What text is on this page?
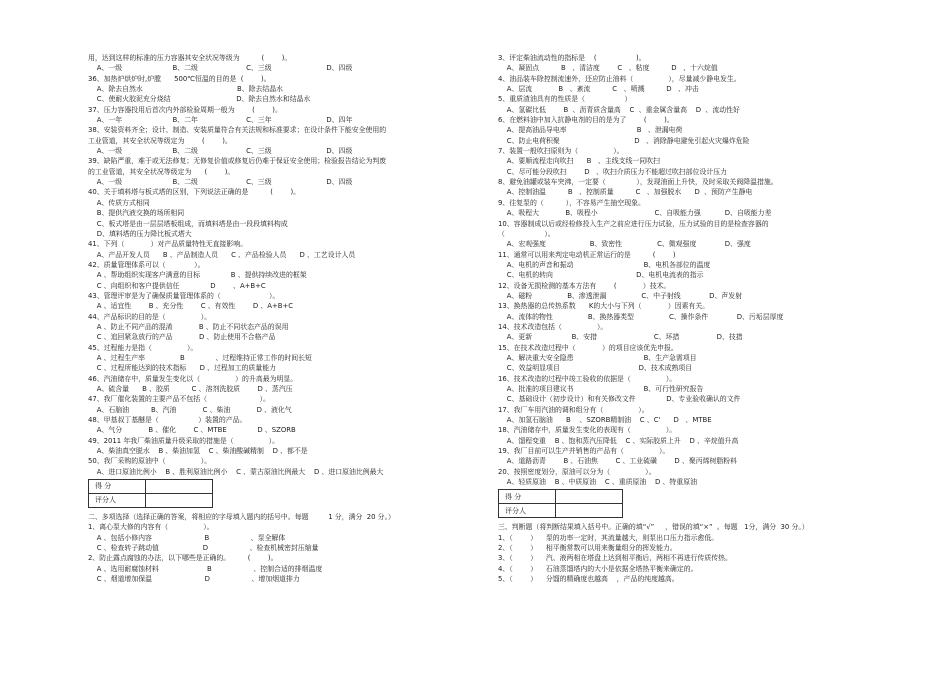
用，达到这样的标准的压力容器其安全状况等级为          (        )。
A、一级                       B、二级                      C、三级                         D、四级
36、加热炉烘炉时,炉膛      500℃恒温的目的是  (        )。
A、除去自然水                                           B、除去结晶水
C、使耐火胶泥充分烧结                              D、除去自然水和结晶水
37、压力容器投用后首次内外部检验周期一般为        (        )。
A、一年                       B、二年                      C、三年                         D、四年
38、安装资料齐全；设计、制造、安装质量符合有关法规和标准要求；在设计条件下能安全使用的
工业管道，其安全状况等级定为        (        )。
A、一级                       B、二级                      C、三级                         D、四级
39、缺陷严重，难于或无法修复；无修复价值或修复后仍难于保证安全使用；检验报告结论为判废
的工业管道，其安全状况等级定为      (        )。
A、一级                       B、二级                      C、三级                         D、四级
40、关于填料塔与板式塔的区别，下列说法正确的是          (        )。
A、传质方式相同
B、提供汽液交换的场所相同
C、板式塔是由一层层塔板组成，而填料塔是由一段段填料构成
D、填料塔的压力降比板式塔大
41、下列（            ）对产品质量特性无直接影响。
A、产品开发人员      B 、产品制造人员      C 、产品检验人员      D 、工艺设计人员
42、质量管理体系可以（             ）。
A 、帮助组织实现客户满意的目标              B 、提供持续改进的框架
C 、向组织和客户提供信任              D        、A+B+C
43、管理评审是为了确保质量管理体系的（                      ）。
A 、适宜性        B 、充分性        C 、有效性        D 、A+B+C
44、产品标识的目的是（                ）。
A 、防止不同产品的混淆            B 、防止不同状态产品的误用
C 、追回紧急放行的产品            D 、防止使用不合格产品
45、过程能力是指（                ）。
A 、过程生产率                B              、过程维持正常工作的时间长短
C 、过程所能达到的技术指标      D 、过程加工的质量能力
46、汽油储存中，质量发生变化以（                ）的升高最为明显。
A、硫含量      B 、胶质          C 、溶剂洗胶质        D 、蒸汽压
47、我厂催化装置的主要产品不包括（                        ）。
A、石脑油          B、汽油            C 、柴油            D 、液化气
48、甲基叔丁基醚是（                  ）装置的产品。
A、气分            B 、催化        C 、MTBE              D 、SZORB
49、2011 年我厂柴油质量升级采取的措施是（                ）。
A、柴油真空脱水    B 、柴油加氢    C 、柴油酸碱精制    D 、都不是
50、我厂采购的原油中（                ）。
A、进口原油比例小    B 、胜利原油比例小    C 、蒙古原油比例最大    D 、进口原油比例最大
得 分	
评分人	
二、多项选择（选择正确的答案，将相应的字母填入题内的括号中。每题         1 分，满分  20 分。）
1、离心泵大修的内容有（                ）。
A 、包括小修内容                        B                   、泵全解体
C 、检查转子跳动值                    D                   、检查机械密封压缩量
2、防止露点腐蚀的办法，以下哪些是正确的。        (        )。
A 、选用耐腐蚀材料                      B                   、控制合适的排烟温度
C 、烟道增加保温                        D                   、增加烟道排力
3、评定柴油流动性的指标是    (                  )。
A、凝固点          B   、清洁度        C   、粘度          D   、十六烷值
4、油品装车除控制流速外，还应防止油料（                ），尽量减少静电发生。
A、层流            B   、紊流          C   、喷溅          D   、冲击
5、重质渣油具有的性质是（                  ）
A、氢碳比低        B  、沥青质含量高    C  、重金属含量高    D  、流动性好
6、在燃料油中加入抗静电剂的目的是为了        (        )。
A、提高油品导电率                                B   、泄漏电荷
C、防止电荷积聚                                  D   、消除静电避免引起火灾爆炸危险
7、装置一般吹扫原则为（                ）。
A、要顺流程走向吹扫      B   、主线支线一同吹扫
C、尽可能分段吹扫        D   、吹扫介质压力不能超过吹扫部位设计压力
8、避免油罐或装车突沸，一定要（              ），发现油面上升快，及时采取关阀降温措施。
A、控制油温          B   、控制质量          C   、加强脱水      D  、预防产生静电
9、往复泵的（          ），不容易产生抽空现象。
A、吸程大            B、吸程小                          C、自吸能力强           D、自吸能力差
10、容器制成以后或经检修投入生产之前应进行压力试验，压力试验的目的是检查容器的
（                  ）。
A、宏观强度                    B、致密性                C、微观强度             D、强度
11、通常可以用来判定电动机正常运行的是          (        )
A、电机的声音和振动                                B、电机各部位的温度
C、电机的转向                                      D、电机电流表的指示
12、设备无损检测的基本方法有        (            ）技术。
A、磁粉                B、渗透泄漏                C、中子射线             D、声发射
13、换热器的总传热系数      K的大小与下列（            ）因素有关。
A、流体的物性                B、换热器类型                C、操作条件             D、污垢层厚度
14、技术改造包括（                ）。
A、更新                  B、安措                          C、环措                 D、技措
15、在技术改造过程中（            ）的项目应该优先申报。
A、解决重大安全隐患                                B、生产急需项目
C、效益明显项目                                    D、技术成熟项目
16、技术改造的过程中竣工验收的依据是（                ）。
A、批准的项目建议书                                B、可行性研究报告
C、基础设计（初步设计）和有关修改文件              D、专业验收确认的文件
17、我厂车用汽油的调和组分有（                ）。
A、加氢石脑油      B    、SZORB精制油    C 、C'      D   、MTBE
18、汽油储存中，质量发生变化的表现有（                ）。
A、馏程变重    B 、饱和蒸汽压降低    C 、实际胶质上升    D 、辛烷值升高
19、我厂目前可以生产并销售的产品有（                ）。
A、道路沥青        B 、石油焦        C 、工业硫磺        D 、聚丙烯树脂粉料
20、按照密度划分，原油可以分为（                ）。
A、轻质原油    B 、中质原油    C 、重质原油    D 、特重原油
得 分	
评分人	
三、判断题（将判断结果填入括号中。正确的填“√”     ，错误的填“×”  。每题   1分，满分  30 分。）
1、（        ）    泵的功率一定时，其流量越大，则泵出口压力指示愈低。
2、（        ）    相平衡常数可以用来衡量组分的挥发能力。
3、（        ）    汽、液两相在塔盘上达到相平衡后，两相不再进行传质传热。
4、（        ）    石油蒸馏塔内的大小是依据全塔热平衡来确定的。
5、（        ）    分馏的精确度也越高    ，产品的纯度越高。
